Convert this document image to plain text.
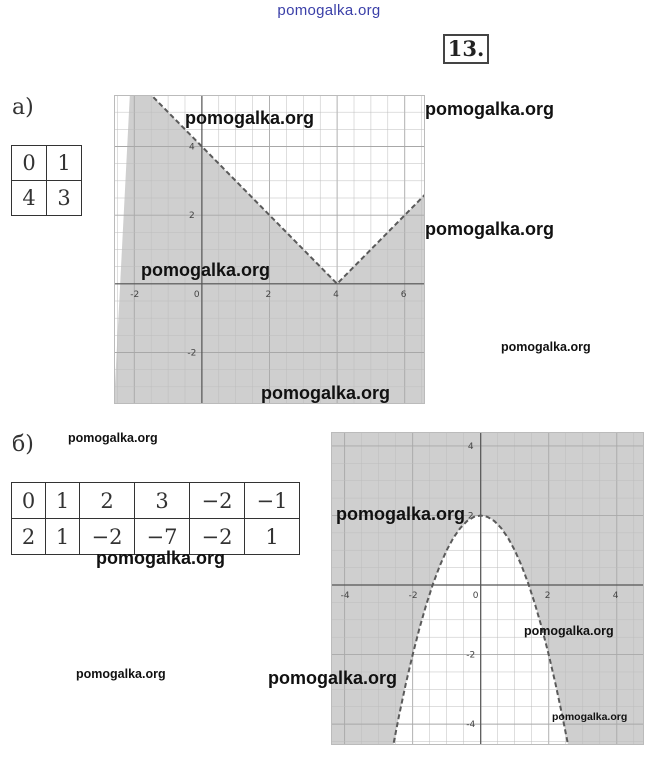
pomogalka.org
13.
а)
0	1
4	3
-2	0	2	4	6
4
2
-2
б)
0	1	2	3	−2	−1
2	1	−2	−7	−2	1
-4	-2	0	2	4
4
2
-2
-4
pomogalka.org	pomogalka.org
pomogalka.org
pomogalka.org
pomogalka.org
pomogalka.org
pomogalka.org
pomogalka.org
pomogalka.org
pomogalka.org
pomogalka.org	pomogalka.org
pomogalka.org
